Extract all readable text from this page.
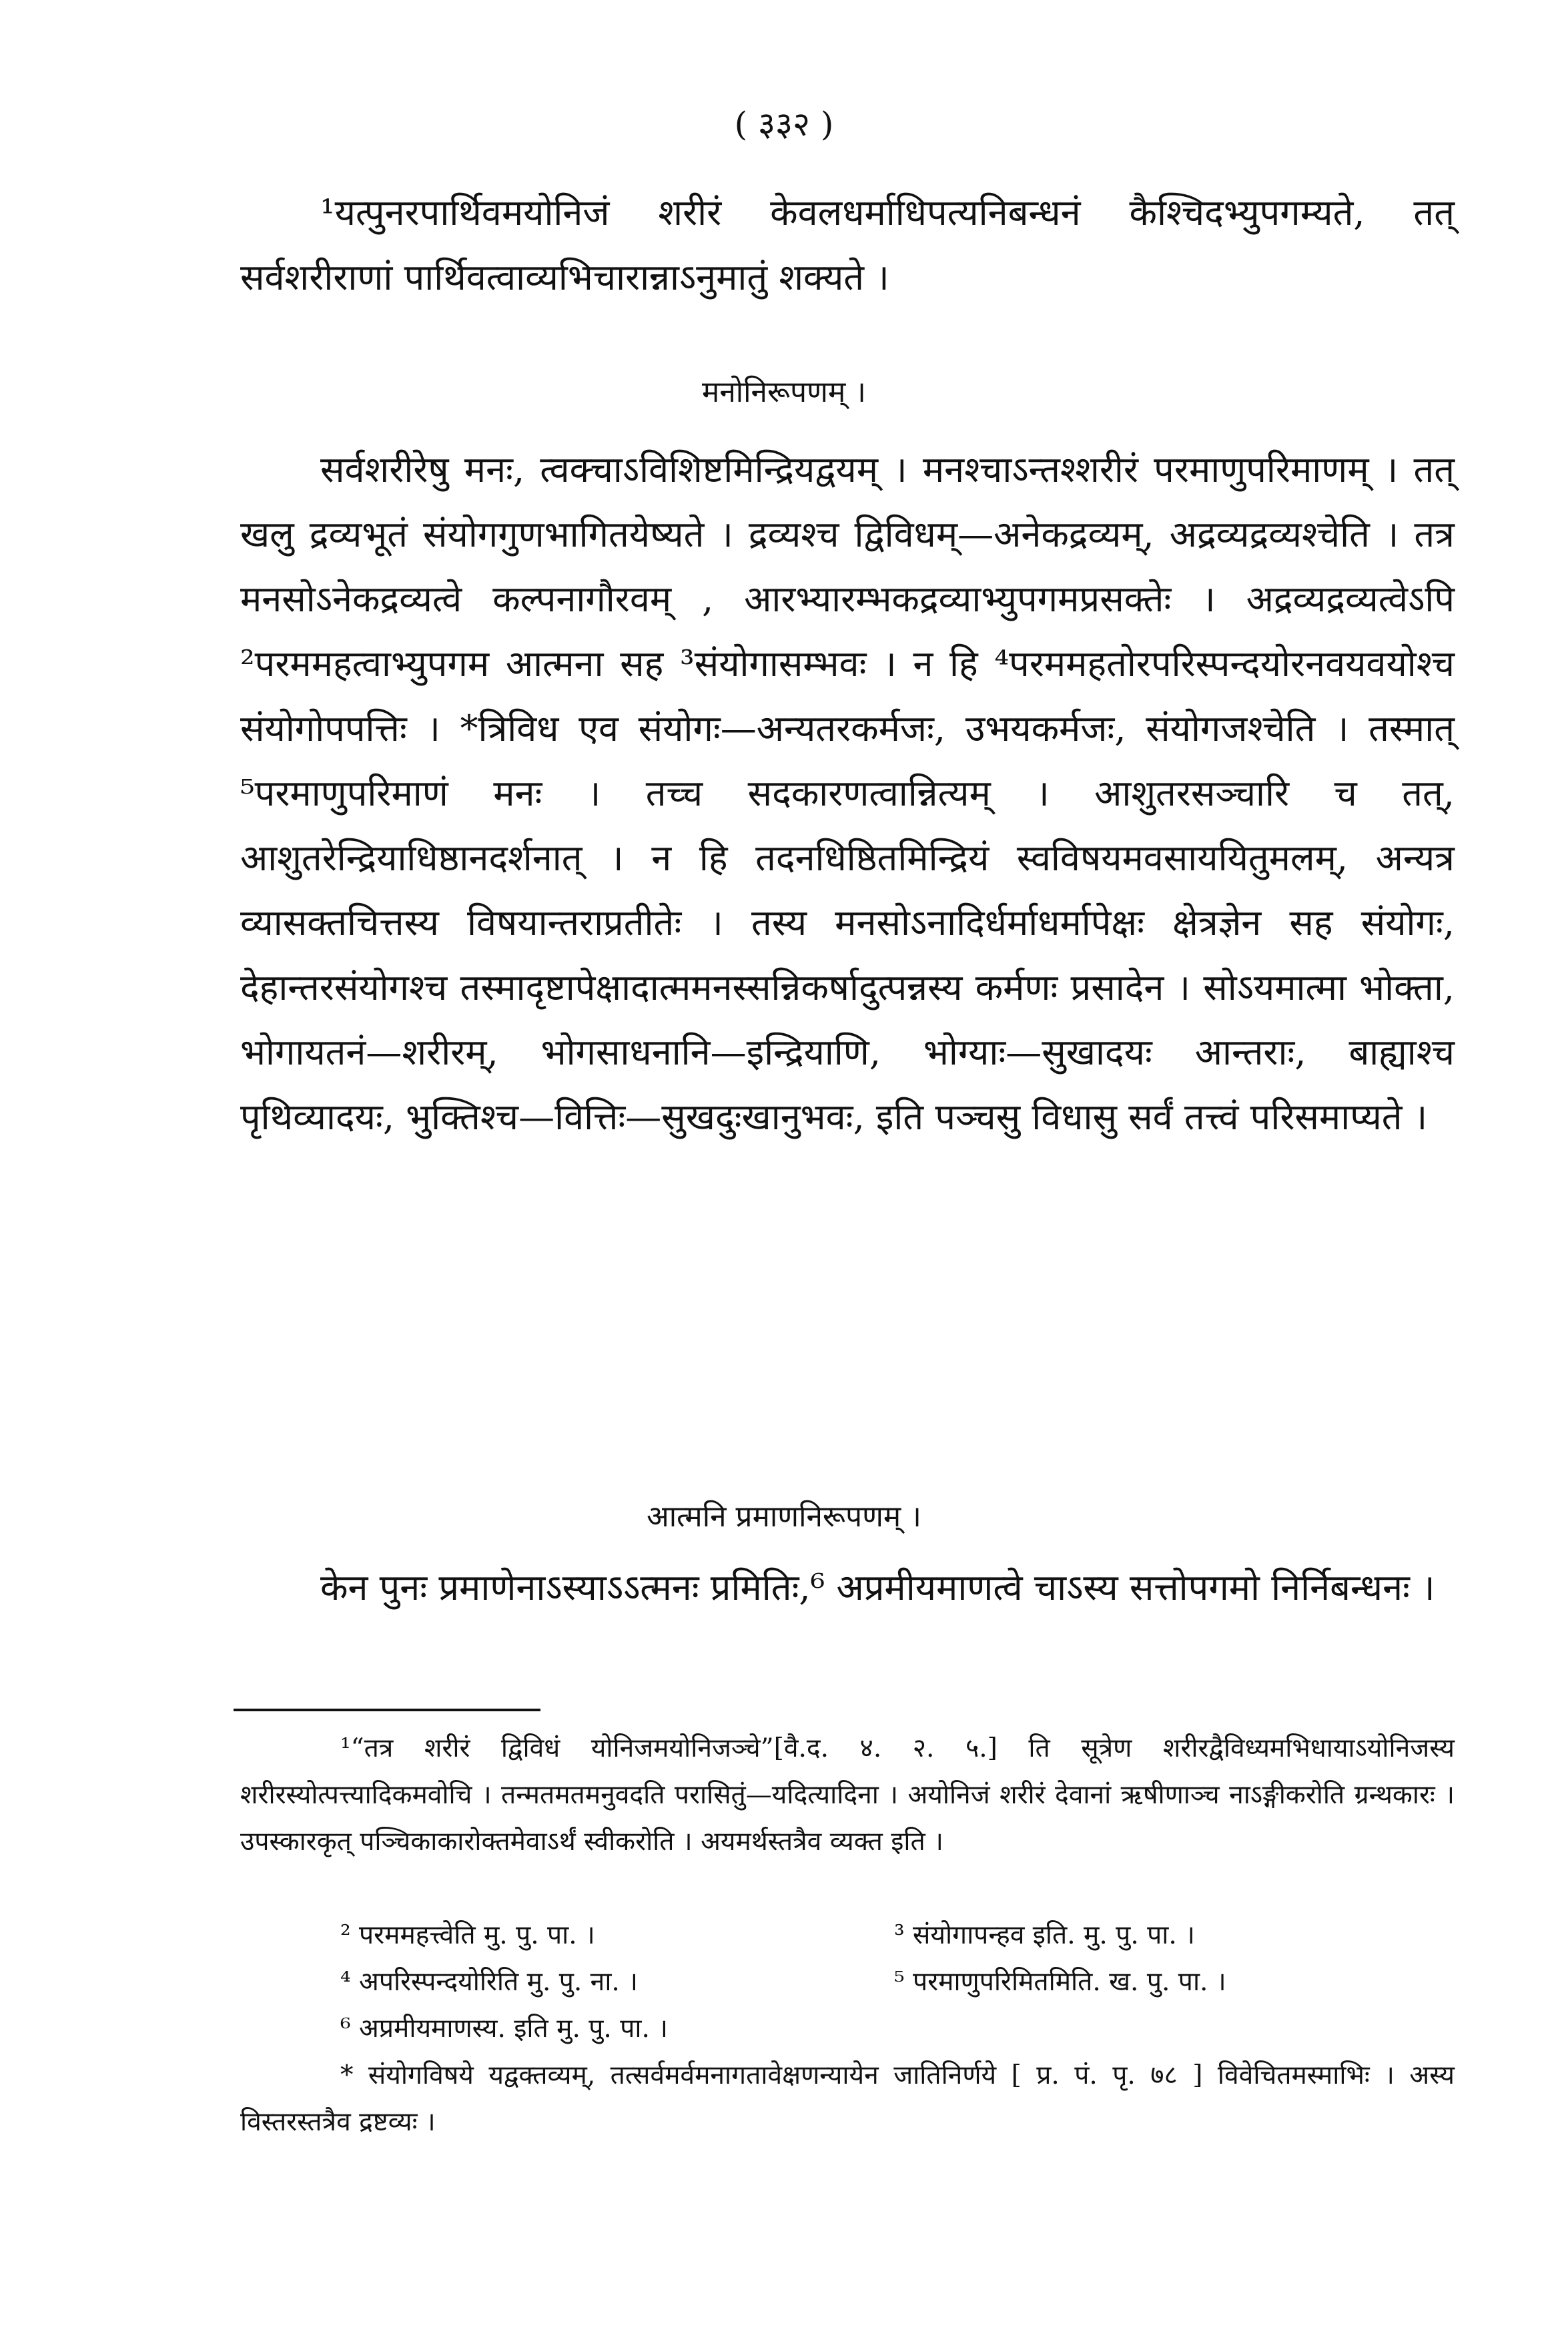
( ३३२ )
¹यत्पुनरपार्थिवमयोनिजं शरीरं केवलधर्माधिपत्यनिबन्धनं कैश्चिदभ्युपगम्यते, तत् सर्वशरीराणां पार्थिवत्वाव्यभिचारान्नाऽनुमातुं शक्यते ।
मनोनिरूपणम् ।
सर्वशरीरेषु मनः, त्वक्चाऽविशिष्टमिन्द्रियद्वयम् । मनश्चाऽन्तश्शरीरं परमाणुपरिमाणम् । तत् खलु द्रव्यभूतं संयोगगुणभागितयेष्यते । द्रव्यश्च द्विविधम्—अनेकद्रव्यम्, अद्रव्यद्रव्यश्चेति । तत्र मनसोऽनेकद्रव्यत्वे कल्पनागौरवम् , आरभ्यारम्भकद्रव्याभ्युपगमप्रसक्तेः । अद्रव्यद्रव्यत्वेऽपि ²परममहत्वाभ्युपगम आत्मना सह ³संयोगासम्भवः । न हि ⁴परममहतोरपरिस्पन्दयोरनवयवयोश्च संयोगोपपत्तिः । *त्रिविध एव संयोगः—अन्यतरकर्मजः, उभयकर्मजः, संयोगजश्चेति । तस्मात् ⁵परमाणुपरिमाणं मनः । तच्च सदकारणत्वान्नित्यम् । आशुतरसञ्चारि च तत्, आशुतरेन्द्रियाधिष्ठानदर्शनात् । न हि तदनधिष्ठितमिन्द्रियं स्वविषयमवसाययितुमलम्, अन्यत्र व्यासक्तचित्तस्य विषयान्तराप्रतीतेः । तस्य मनसोऽनादिर्धर्माधर्मापेक्षः क्षेत्रज्ञेन सह संयोगः, देहान्तरसंयोगश्च तस्मादृष्टापेक्षादात्ममनस्सन्निकर्षादुत्पन्नस्य कर्मणः प्रसादेन । सोऽयमात्मा भोक्ता, भोगायतनं—शरीरम्, भोगसाधनानि—इन्द्रियाणि, भोग्याः—सुखादयः आन्तराः, बाह्याश्च पृथिव्यादयः, भुक्तिश्च—वित्तिः—सुखदुःखानुभवः, इति पञ्चसु विधासु सर्वं तत्त्वं परिसमाप्यते ।
आत्मनि प्रमाणनिरूपणम् ।
केन पुनः प्रमाणेनाऽस्याऽऽत्मनः प्रमितिः,⁶ अप्रमीयमाणत्वे चाऽस्य सत्तोपगमो निर्निबन्धनः ।
¹“तत्र शरीरं द्विविधं योनिजमयोनिजञ्चे”[वै.द. ४. २. ५.] ति सूत्रेण शरीरद्वैविध्यमभिधायाऽयोनिजस्य शरीरस्योत्पत्त्यादिकमवोचि । तन्मतमतमनुवदति परासितुं—यदित्यादिना । अयोनिजं शरीरं देवानां ऋषीणाञ्च नाऽङ्गीकरोति ग्रन्थकारः । उपस्कारकृत् पञ्चिकाकारोक्तमेवाऽर्थं स्वीकरोति । अयमर्थस्तत्रैव व्यक्त इति ।
² परममहत्त्वेति मु. पु. पा. ।	³ संयोगापन्हव इति. मु. पु. पा. ।
⁴ अपरिस्पन्दयोरिति मु. पु. ना. ।	⁵ परमाणुपरिमितमिति. ख. पु. पा. ।
⁶ अप्रमीयमाणस्य. इति मु. पु. पा. ।
* संयोगविषये यद्वक्तव्यम्, तत्सर्वमर्वमनागतावेक्षणन्यायेन जातिनिर्णये [ प्र. पं. पृ. ७८ ] विवेचितमस्माभिः । अस्य विस्तरस्तत्रैव द्रष्टव्यः ।
